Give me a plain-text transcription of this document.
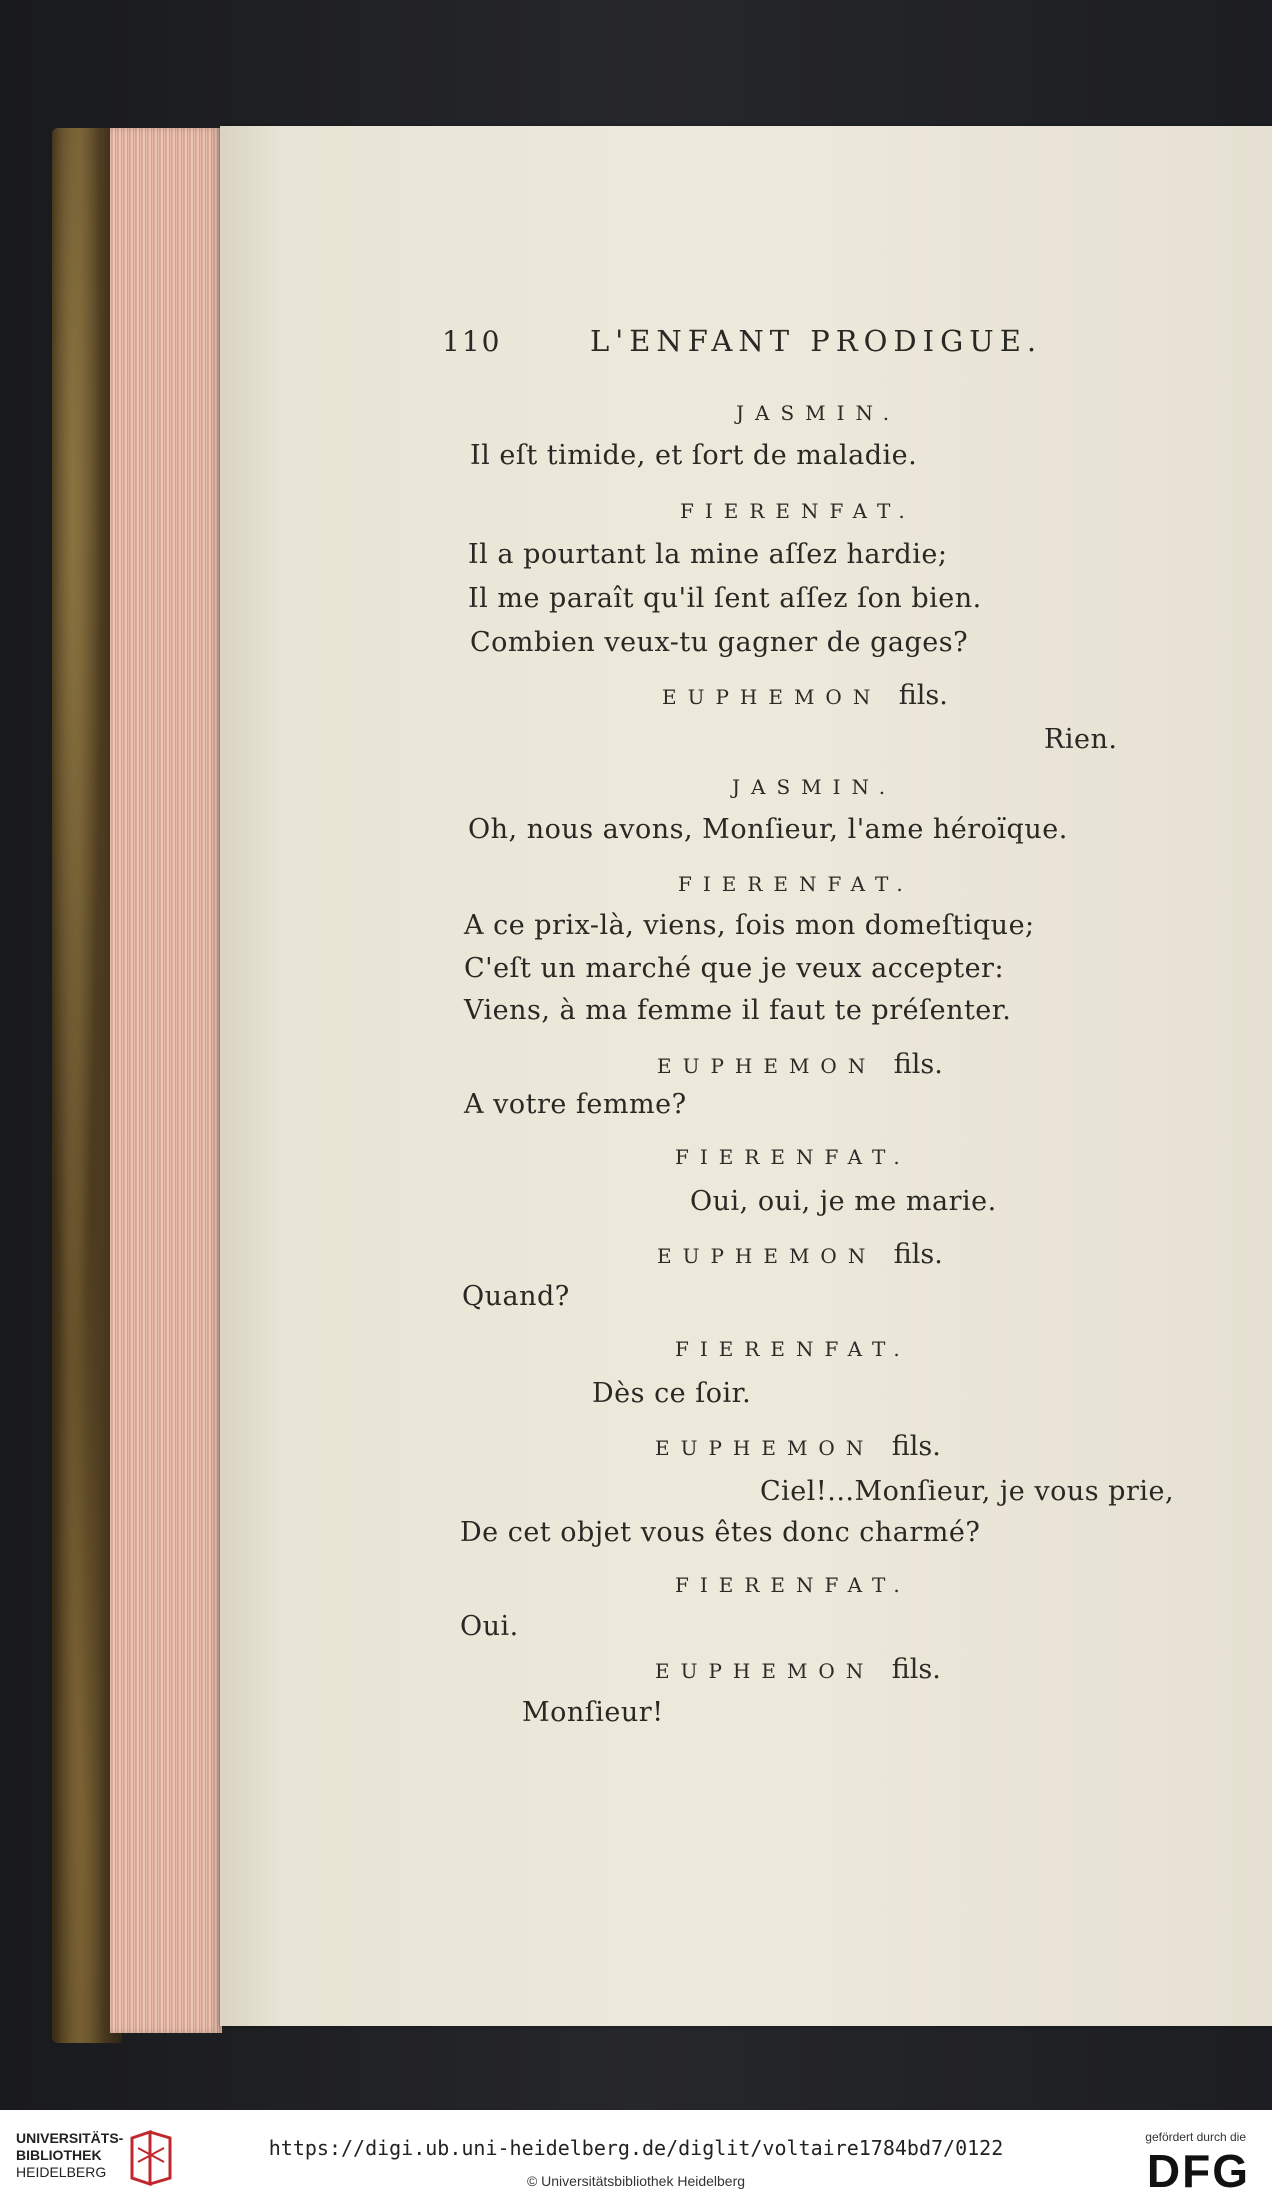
110	L'ENFANT PRODIGUE.
JASMIN.
Il eſt timide, et ſort de maladie.
FIERENFAT.
Il a pourtant la mine aſſez hardie;
Il me paraît qu'il ſent aſſez ſon bien.
Combien veux-tu gagner de gages?
EUPHEMON fils.
Rien.
JASMIN.
Oh, nous avons, Monſieur, l'ame héroïque.
FIERENFAT.
A ce prix-là, viens, ſois mon domeſtique;
C'eſt un marché que je veux accepter:
Viens, à ma femme il faut te préſenter.
EUPHEMON fils.
A votre femme?
FIERENFAT.
Oui, oui, je me marie.
EUPHEMON fils.
Quand?
FIERENFAT.
Dès ce ſoir.
EUPHEMON fils.
Ciel!...Monſieur, je vous prie,
De cet objet vous êtes donc charmé?
FIERENFAT.
Oui.
EUPHEMON fils.
Monſieur!
UNIVERSITÄTS-
BIBLIOTHEK
HEIDELBERG
https://digi.ub.uni-heidelberg.de/diglit/voltaire1784bd7/0122
© Universitätsbibliothek Heidelberg
gefördert durch die
DFG
